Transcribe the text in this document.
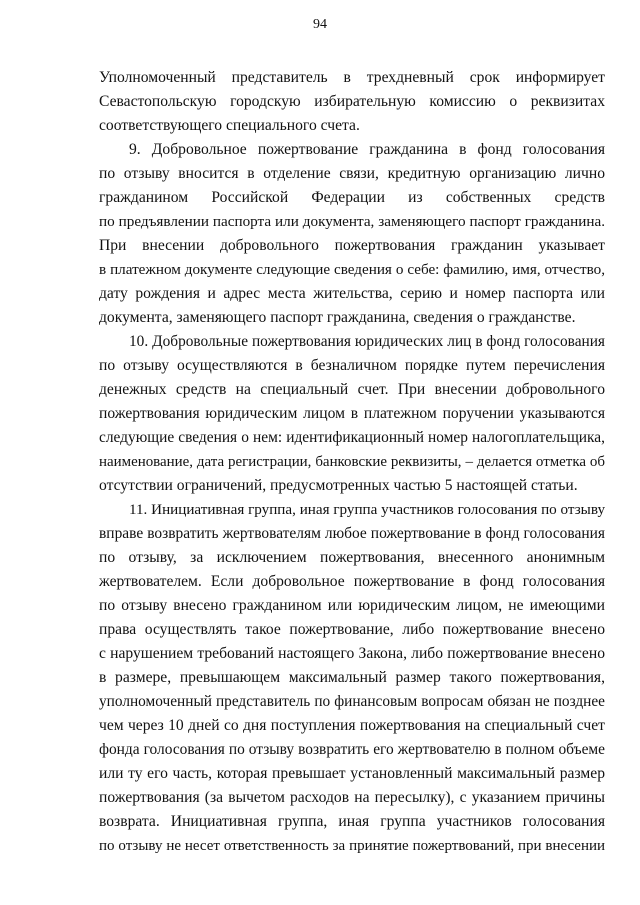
94
Уполномоченный представитель в трехдневный срок информирует
Севастопольскую городскую избирательную комиссию о реквизитах
соответствующего специального счета.
9. Добровольное пожертвование гражданина в фонд голосования
по отзыву вносится в отделение связи, кредитную организацию лично
гражданином Российской Федерации из собственных средств
по предъявлении паспорта или документа, заменяющего паспорт гражданина.
При внесении добровольного пожертвования гражданин указывает
в платежном документе следующие сведения о себе: фамилию, имя, отчество,
дату рождения и адрес места жительства, серию и номер паспорта или
документа, заменяющего паспорт гражданина, сведения о гражданстве.
10. Добровольные пожертвования юридических лиц в фонд голосования
по отзыву осуществляются в безналичном порядке путем перечисления
денежных средств на специальный счет. При внесении добровольного
пожертвования юридическим лицом в платежном поручении указываются
следующие сведения о нем: идентификационный номер налогоплательщика,
наименование, дата регистрации, банковские реквизиты, – делается отметка об
отсутствии ограничений, предусмотренных частью 5 настоящей статьи.
11. Инициативная группа, иная группа участников голосования по отзыву
вправе возвратить жертвователям любое пожертвование в фонд голосования
по отзыву, за исключением пожертвования, внесенного анонимным
жертвователем. Если добровольное пожертвование в фонд голосования
по отзыву внесено гражданином или юридическим лицом, не имеющими
права осуществлять такое пожертвование, либо пожертвование внесено
с нарушением требований настоящего Закона, либо пожертвование внесено
в размере, превышающем максимальный размер такого пожертвования,
уполномоченный представитель по финансовым вопросам обязан не позднее
чем через 10 дней со дня поступления пожертвования на специальный счет
фонда голосования по отзыву возвратить его жертвователю в полном объеме
или ту его часть, которая превышает установленный максимальный размер
пожертвования (за вычетом расходов на пересылку), с указанием причины
возврата. Инициативная группа, иная группа участников голосования
по отзыву не несет ответственность за принятие пожертвований, при внесении
